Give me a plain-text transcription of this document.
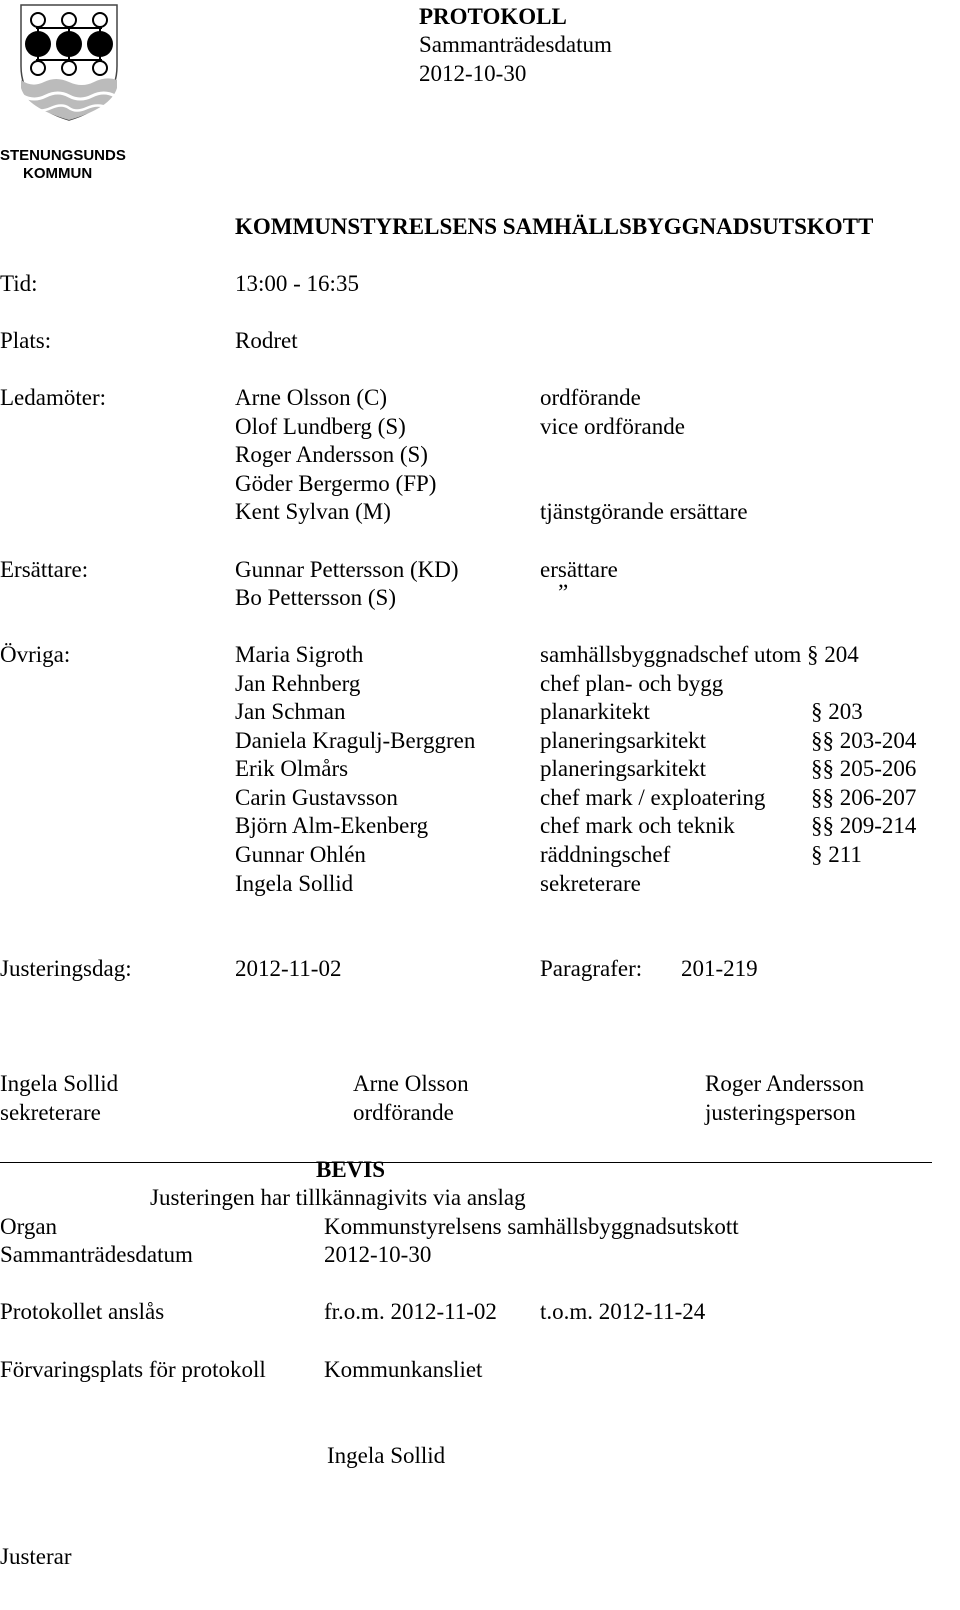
STENUNGSUNDS
KOMMUN
PROTOKOLL
Sammanträdesdatum
2012-10-30
KOMMUNSTYRELSENS SAMHÄLLSBYGGNADSUTSKOTT
Tid:	13:00 - 16:35
Plats:	Rodret
Ledamöter:	Arne Olsson (C)	ordförande
Olof Lundberg (S)	vice ordförande
Roger Andersson (S)
Göder Bergermo (FP)
Kent Sylvan (M)	tjänstgörande ersättare
Ersättare:	Gunnar Pettersson (KD)	ersättare
Bo Pettersson (S)	”
Övriga:	Maria Sigroth	samhällsbyggnadschef utom § 204
Jan Rehnberg	chef plan- och bygg
Jan Schman	planarkitekt	§ 203
Daniela Kragulj-Berggren	planeringsarkitekt	§§ 203-204
Erik Olmårs	planeringsarkitekt	§§ 205-206
Carin Gustavsson	chef mark / exploatering §§ 206-207
Björn Alm-Ekenberg	chef mark och teknik	§§ 209-214
Gunnar Ohlén	räddningschef	§ 211
Ingela Sollid	sekreterare
Justeringsdag:	2012-11-02	Paragrafer: 201-219
Ingela Sollid
sekreterare
Arne Olsson
ordförande
Roger Andersson
justeringsperson
BEVIS
Justeringen har tillkännagivits via anslag
Organ	Kommunstyrelsens samhällsbyggnadsutskott
Sammanträdesdatum	2012-10-30
Protokollet anslås	fr.o.m. 2012-11-02 t.o.m. 2012-11-24
Förvaringsplats för protokoll	Kommunkansliet
Ingela Sollid
Justerar
